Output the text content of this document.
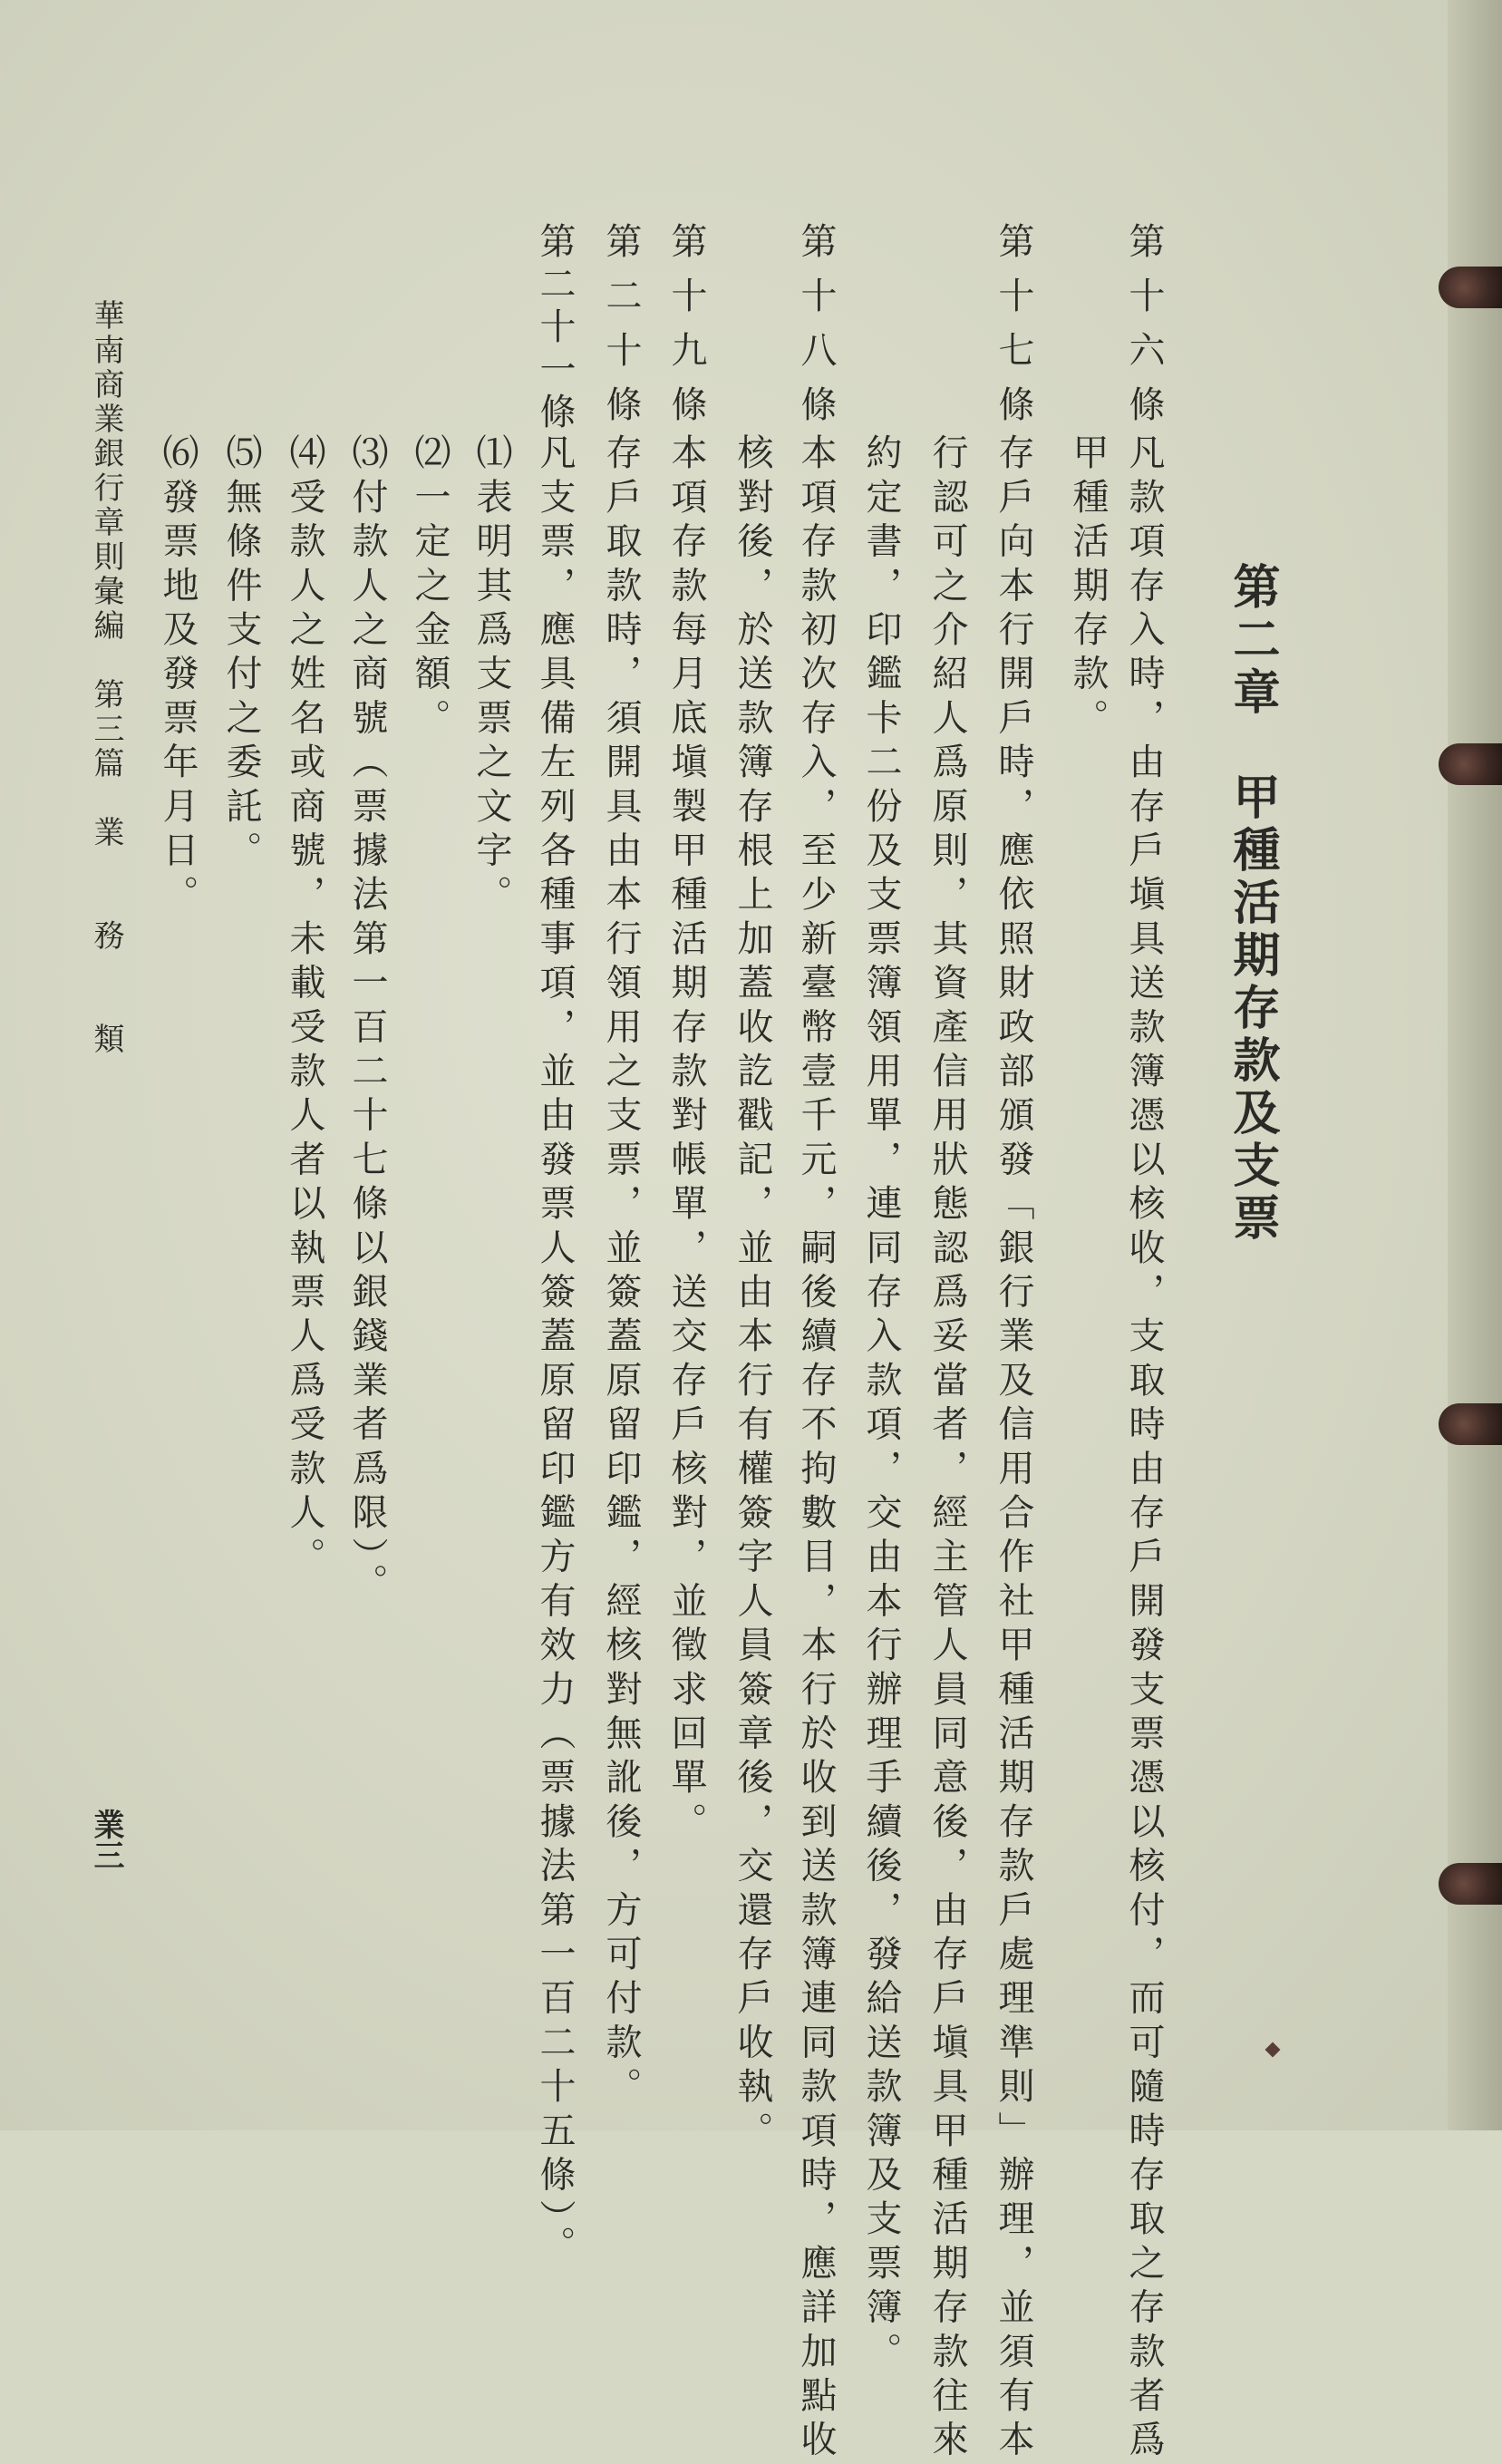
第二章　甲種活期存款及支票
第十六條
凡款項存入時，由存戶塡具送款簿憑以核收，支取時由存戶開發支票憑以核付，而可隨時存取之存款者爲
甲種活期存款。
第十七條
存戶向本行開戶時，應依照財政部頒發「銀行業及信用合作社甲種活期存款戶處理準則」辦理，並須有本
行認可之介紹人爲原則，其資產信用狀態認爲妥當者，經主管人員同意後，由存戶塡具甲種活期存款往來
約定書，印鑑卡二份及支票簿領用單，連同存入款項，交由本行辦理手續後，發給送款簿及支票簿。
第十八條
本項存款初次存入，至少新臺幣壹千元，嗣後續存不拘數目，本行於收到送款簿連同款項時，應詳加點收
核對後，於送款簿存根上加蓋收訖戳記，並由本行有權簽字人員簽章後，交還存戶收執。
第十九條
本項存款每月底塡製甲種活期存款對帳單，送交存戶核對，並徵求回單。
第二十條
存戶取款時，須開具由本行領用之支票，並簽蓋原留印鑑，經核對無訛後，方可付款。
第二十一條
凡支票，應具備左列各種事項，並由發票人簽蓋原留印鑑方有效力（票據法第一百二十五條）。
⑴表明其爲支票之文字。
⑵一定之金額。
⑶付款人之商號（票據法第一百二十七條以銀錢業者爲限）。
⑷受款人之姓名或商號，未載受款人者以執票人爲受款人。
⑸無條件支付之委託。
⑹發票地及發票年月日。
華南商業銀行章則彙編　第三篇　業　　務　　類
業三
